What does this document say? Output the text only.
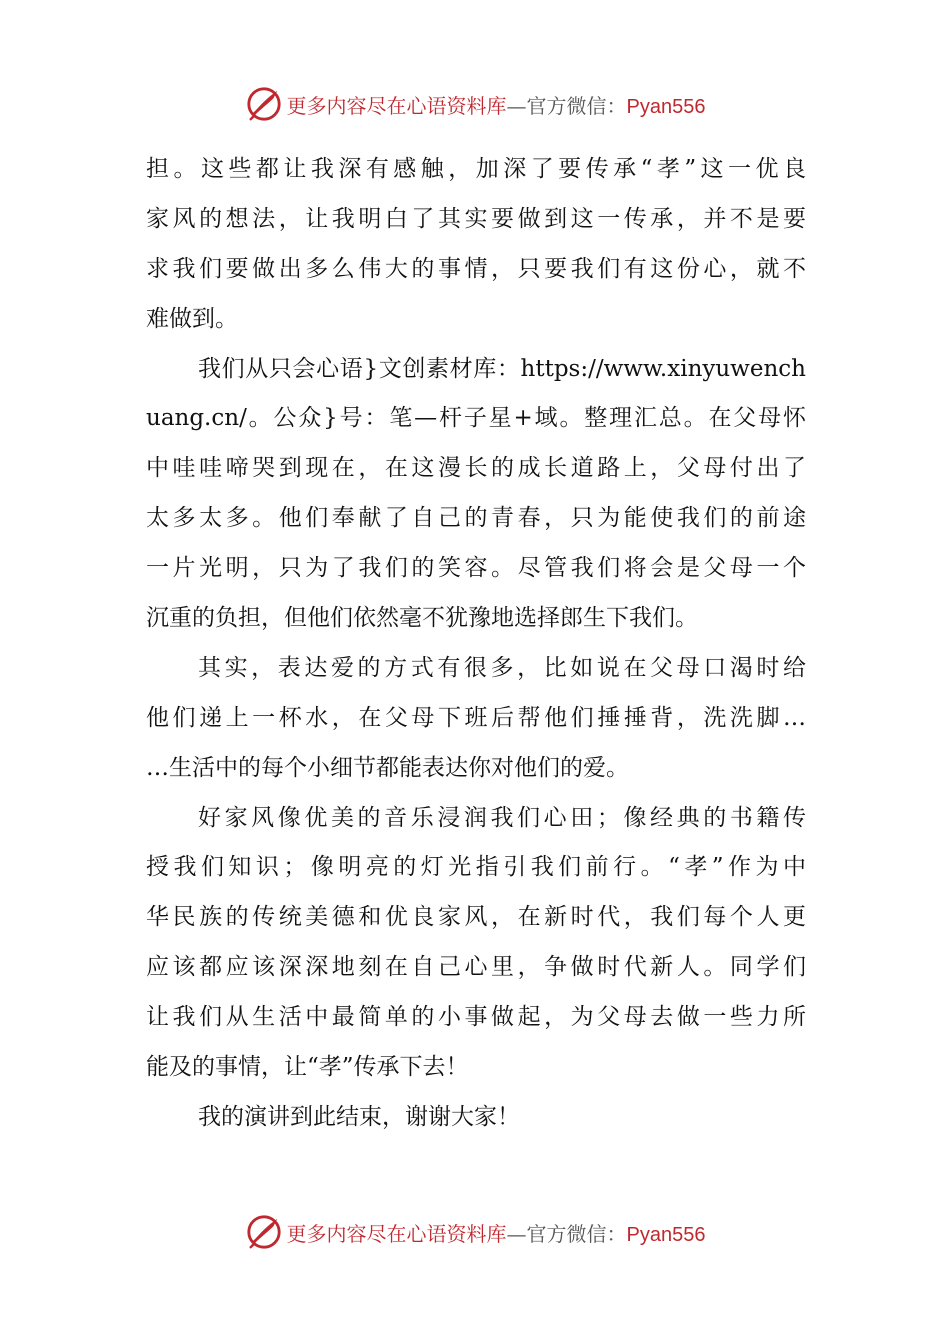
更多内容尽在心语资料库—官方微信：Pyan556
担。这些都让我深有感触，加深了要传承“孝”这一优良
家风的想法，让我明白了其实要做到这一传承，并不是要
求我们要做出多么伟大的事情，只要我们有这份心，就不
难做到。
我们从只会心语}文创素材库：https://www.xinyuwench
uang.cn/。公众}号：笔—杆子星+域。整理汇总。在父母怀
中哇哇啼哭到现在，在这漫长的成长道路上，父母付出了
太多太多。他们奉献了自己的青春，只为能使我们的前途
一片光明，只为了我们的笑容。尽管我们将会是父母一个
沉重的负担，但他们依然毫不犹豫地选择郎生下我们。
其实，表达爱的方式有很多，比如说在父母口渴时给
他们递上一杯水，在父母下班后帮他们捶捶背，洗洗脚…
…生活中的每个小细节都能表达你对他们的爱。
好家风像优美的音乐浸润我们心田；像经典的书籍传
授我们知识；像明亮的灯光指引我们前行。“孝”作为中
华民族的传统美德和优良家风，在新时代，我们每个人更
应该都应该深深地刻在自己心里，争做时代新人。同学们
让我们从生活中最简单的小事做起，为父母去做一些力所
能及的事情，让“孝”传承下去！
我的演讲到此结束，谢谢大家！
更多内容尽在心语资料库—官方微信：Pyan556
